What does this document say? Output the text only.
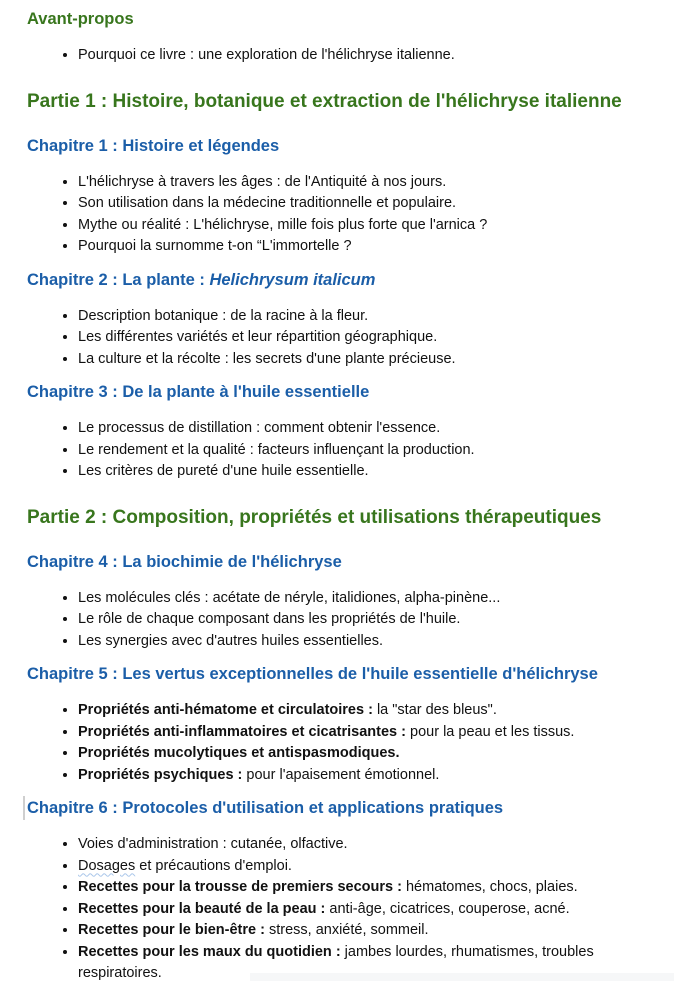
Avant-propos
• Pourquoi ce livre : une exploration de l'hélichryse italienne.
Partie 1 : Histoire, botanique et extraction de l'hélichryse italienne
Chapitre 1 : Histoire et légendes
• L'hélichryse à travers les âges : de l'Antiquité à nos jours.
• Son utilisation dans la médecine traditionnelle et populaire.
• Mythe ou réalité : L'hélichryse, mille fois plus forte que l'arnica ?
• Pourquoi la surnomme t-on “L'immortelle ?
Chapitre 2 : La plante : Helichrysum italicum
• Description botanique : de la racine à la fleur.
• Les différentes variétés et leur répartition géographique.
• La culture et la récolte : les secrets d'une plante précieuse.
Chapitre 3 : De la plante à l'huile essentielle
• Le processus de distillation : comment obtenir l'essence.
• Le rendement et la qualité : facteurs influençant la production.
• Les critères de pureté d'une huile essentielle.
Partie 2 : Composition, propriétés et utilisations thérapeutiques
Chapitre 4 : La biochimie de l'hélichryse
• Les molécules clés : acétate de néryle, italidiones, alpha-pinène...
• Le rôle de chaque composant dans les propriétés de l'huile.
• Les synergies avec d'autres huiles essentielles.
Chapitre 5 : Les vertus exceptionnelles de l'huile essentielle d'hélichryse
• Propriétés anti-hématome et circulatoires : la "star des bleus".
• Propriétés anti-inflammatoires et cicatrisantes : pour la peau et les tissus.
• Propriétés mucolytiques et antispasmodiques.
• Propriétés psychiques : pour l'apaisement émotionnel.
Chapitre 6 : Protocoles d'utilisation et applications pratiques
• Voies d'administration : cutanée, olfactive.
• Dosages et précautions d'emploi.
• Recettes pour la trousse de premiers secours : hématomes, chocs, plaies.
• Recettes pour la beauté de la peau : anti-âge, cicatrices, couperose, acné.
• Recettes pour le bien-être : stress, anxiété, sommeil.
• Recettes pour les maux du quotidien : jambes lourdes, rhumatismes, troubles respiratoires.
